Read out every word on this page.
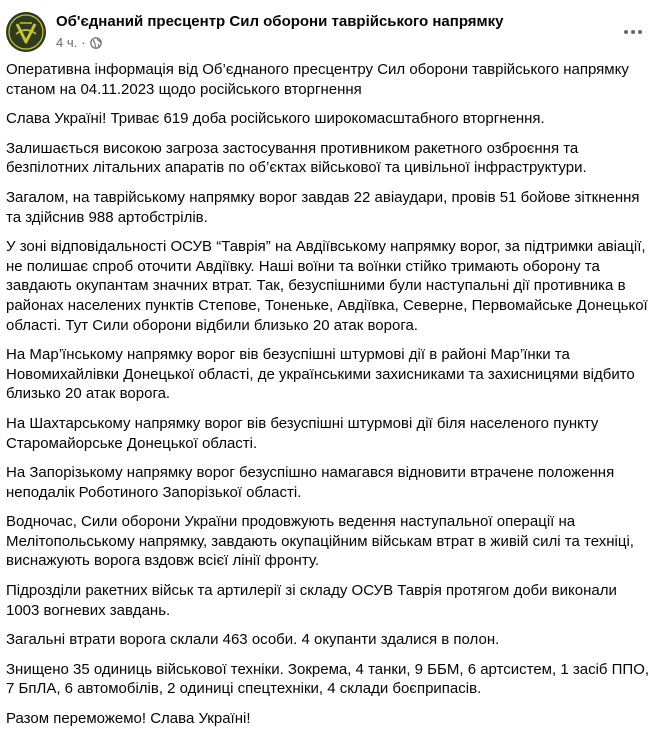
Об'єднаний пресцентр Сил оборони таврійського напрямку
4 ч. ·

Оперативна інформація від Об’єднаного пресцентру Сил оборони таврійського напрямку станом на 04.11.2023 щодо російського вторгнення

Слава Україні! Триває 619 доба російського широкомасштабного вторгнення.

Залишається високою загроза застосування противником ракетного озброєння та безпілотних літальних апаратів по об’єктах військової та цивільної інфраструктури.

Загалом, на таврійському напрямку ворог завдав 22 авіаудари, провів 51 бойове зіткнення та здійснив 988 артобстрілів.

У зоні відповідальності ОСУВ “Таврія” на Авдіївському напрямку ворог, за підтримки авіації, не полишає спроб оточити Авдіївку. Наші воїни та воїнки стійко тримають оборону та завдають окупантам значних втрат. Так, безуспішними були наступальні дії противника в районах населених пунктів Степове, Тоненьке, Авдіївка, Северне, Первомайське Донецької області. Тут Сили оборони відбили близько 20 атак ворога.

На Мар’їнському напрямку ворог вів безуспішні штурмові дії в районі Мар’їнки та Новомихайлівки Донецької області, де українськими захисниками та захисницями відбито близько 20 атак ворога.

На Шахтарському напрямку ворог вів безуспішні штурмові дії біля населеного пункту Старомайорське Донецької області.

На Запорізькому напрямку ворог безуспішно намагався відновити втрачене положення неподалік Роботиного Запорізької області.

Водночас, Сили оборони України продовжують ведення наступальної операції на Мелітопольському напрямку, завдають окупаційним військам втрат в живій силі та техніці, виснажують ворога вздовж всієї лінії фронту.

Підрозділи ракетних військ та артилерії зі складу ОСУВ Таврія протягом доби виконали 1003 вогневих завдань.

Загальні втрати ворога склали 463 особи. 4 окупанти здалися в полон.

Знищено 35 одиниць військової техніки. Зокрема, 4 танки, 9 ББМ, 6 артсистем, 1 засіб ППО, 7 БпЛА, 6 автомобілів, 2 одиниці спецтехніки, 4 склади боєприпасів.

Разом переможемо! Слава Україні!
